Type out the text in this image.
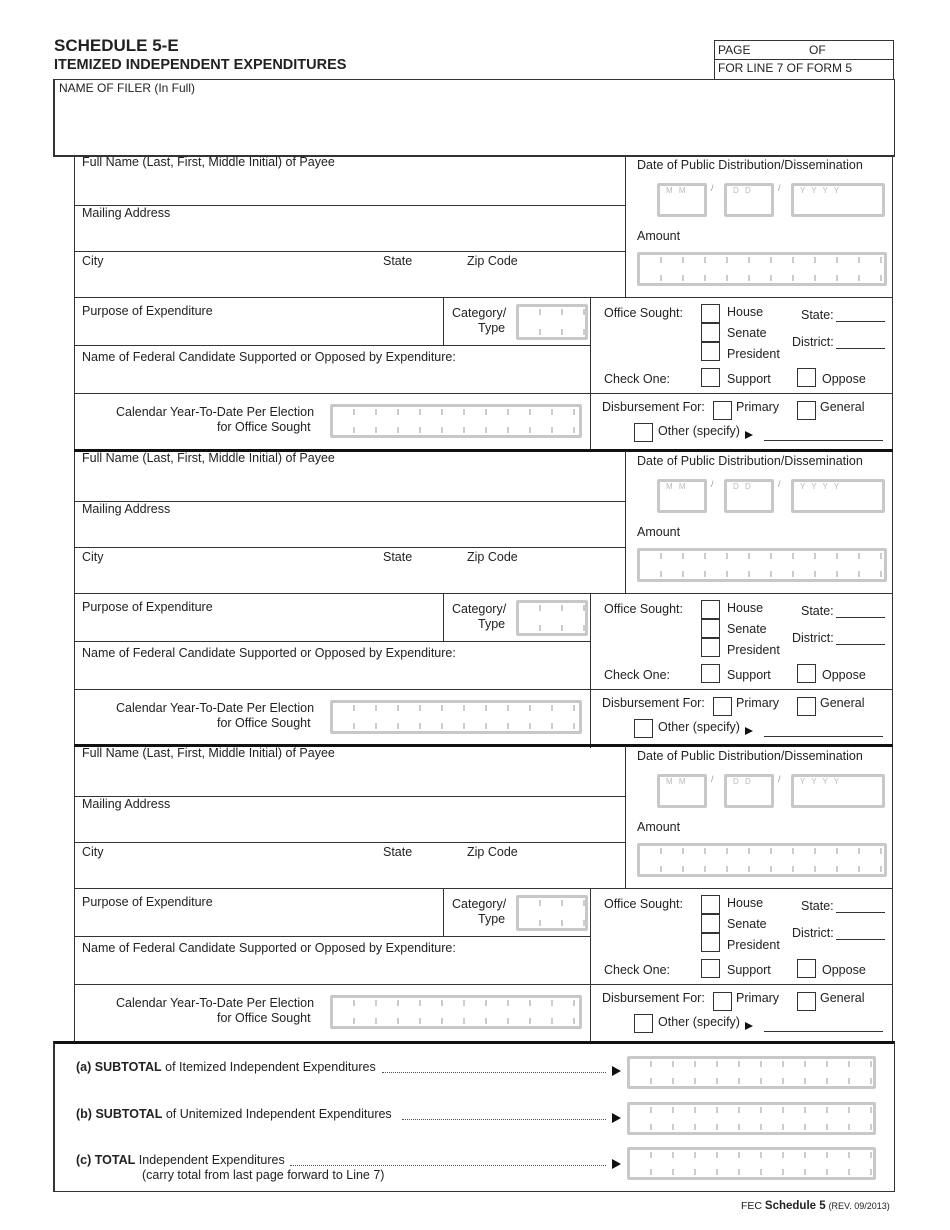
SCHEDULE 5-E
ITEMIZED INDEPENDENT EXPENDITURES
PAGE	OF
FOR LINE 7 OF FORM 5
NAME OF FILER (In Full)
Full Name (Last, First, Middle Initial) of Payee
Mailing Address
City	State	Zip Code
Date of Public Distribution/Dissemination
M M	/ D D	/ Y Y Y Y
Amount
Purpose of Expenditure	Category/
Type
Name of Federal Candidate Supported or Opposed by Expenditure:
Office Sought:	House
Senate
President
State:
District:
Check One:	Support	Oppose
Calendar Year-To-Date Per Election
for Office Sought
Disbursement For: Primary	General
Other (specify)
Full Name (Last, First, Middle Initial) of Payee
Mailing Address
City	State	Zip Code
Date of Public Distribution/Dissemination
M M	/ D D	/ Y Y Y Y
Amount
Purpose of Expenditure	Category/
Type
Name of Federal Candidate Supported or Opposed by Expenditure:
Office Sought:	House
Senate
President
State:
District:
Check One:	Support	Oppose
Calendar Year-To-Date Per Election
for Office Sought
Disbursement For: Primary	General
Other (specify)
Full Name (Last, First, Middle Initial) of Payee
Mailing Address
City	State	Zip Code
Date of Public Distribution/Dissemination
M M	/ D D	/ Y Y Y Y
Amount
Purpose of Expenditure	Category/
Type
Name of Federal Candidate Supported or Opposed by Expenditure:
Office Sought:	House
Senate
President
State:
District:
Check One:	Support	Oppose
Calendar Year-To-Date Per Election
for Office Sought
Disbursement For: Primary	General
Other (specify)
(a) SUBTOTAL of Itemized Independent Expenditures
(b) SUBTOTAL of Unitemized Independent Expenditures
(c) TOTAL Independent Expenditures
(carry total from last page forward to Line 7)
FEC Schedule 5 (REV. 09/2013)
